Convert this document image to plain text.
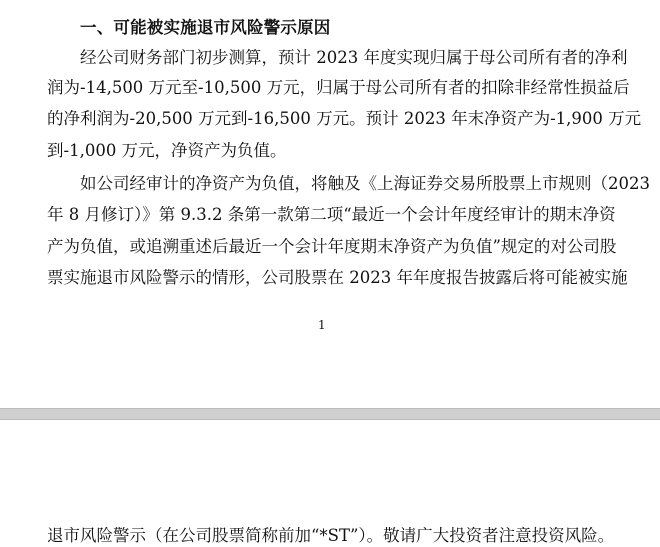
一、可能被实施退市风险警示原因
经公司财务部门初步测算，预计 2023 年度实现归属于母公司所有者的净利
润为-14,500 万元至-10,500 万元，归属于母公司所有者的扣除非经常性损益后
的净利润为-20,500 万元到-16,500 万元。预计 2023 年末净资产为-1,900 万元
到-1,000 万元，净资产为负值。
如公司经审计的净资产为负值，将触及《上海证券交易所股票上市规则（2023
年 8 月修订）》第 9.3.2 条第一款第二项“最近一个会计年度经审计的期末净资
产为负值，或追溯重述后最近一个会计年度期末净资产为负值”规定的对公司股
票实施退市风险警示的情形，公司股票在 2023 年年度报告披露后将可能被实施
1
退市风险警示（在公司股票简称前加“*ST”）。敬请广大投资者注意投资风险。
